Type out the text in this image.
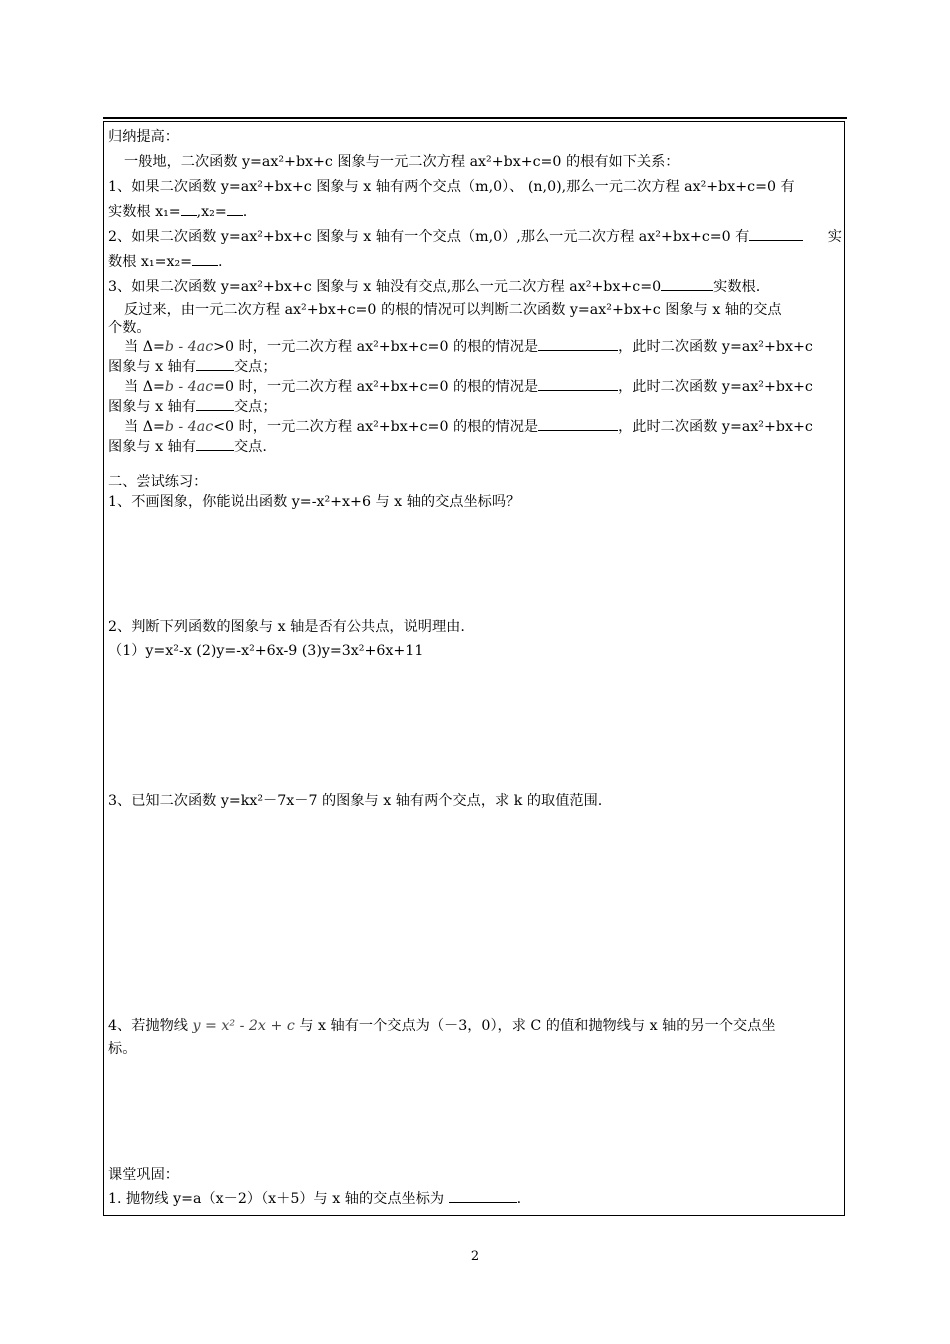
归纳提高：
一般地，二次函数 y=ax²+bx+c 图象与一元二次方程 ax²+bx+c=0 的根有如下关系：
1、如果二次函数 y=ax²+bx+c 图象与 x 轴有两个交点（m,0）、 (n,0),那么一元二次方程 ax²+bx+c=0 有
实数根 x₁= ,x₂= .
2、如果二次函数 y=ax²+bx+c 图象与 x 轴有一个交点（m,0）,那么一元二次方程 ax²+bx+c=0 有	实
数根 x₁=x₂= .
3、如果二次函数 y=ax²+bx+c 图象与 x 轴没有交点,那么一元二次方程 ax²+bx+c=0	实数根.
反过来，由一元二次方程 ax²+bx+c=0 的根的情况可以判断二次函数 y=ax²+bx+c 图象与 x 轴的交点
个数。
当 Δ=b - 4ac>0 时，一元二次方程 ax²+bx+c=0 的根的情况是	，此时二次函数 y=ax²+bx+c
图象与 x 轴有	交点；
当 Δ=b - 4ac=0 时，一元二次方程 ax²+bx+c=0 的根的情况是	，此时二次函数 y=ax²+bx+c
图象与 x 轴有	交点；
当 Δ=b - 4ac<0 时，一元二次方程 ax²+bx+c=0 的根的情况是	，此时二次函数 y=ax²+bx+c
图象与 x 轴有	交点.
二、尝试练习：
1、不画图象，你能说出函数 y=-x²+x+6 与 x 轴的交点坐标吗？
2、判断下列函数的图象与 x 轴是否有公共点，说明理由.
（1）y=x²-x (2)y=-x²+6x-9 (3)y=3x²+6x+11
3、已知二次函数 y=kx²－7x－7 的图象与 x 轴有两个交点，求 k 的取值范围.
4、若抛物线 y = x² - 2x + c 与 x 轴有一个交点为（－3，0），求 C 的值和抛物线与 x 轴的另一个交点坐
标。
课堂巩固：
1. 抛物线 y=a（x－2）（x＋5）与 x 轴的交点坐标为	.
2
